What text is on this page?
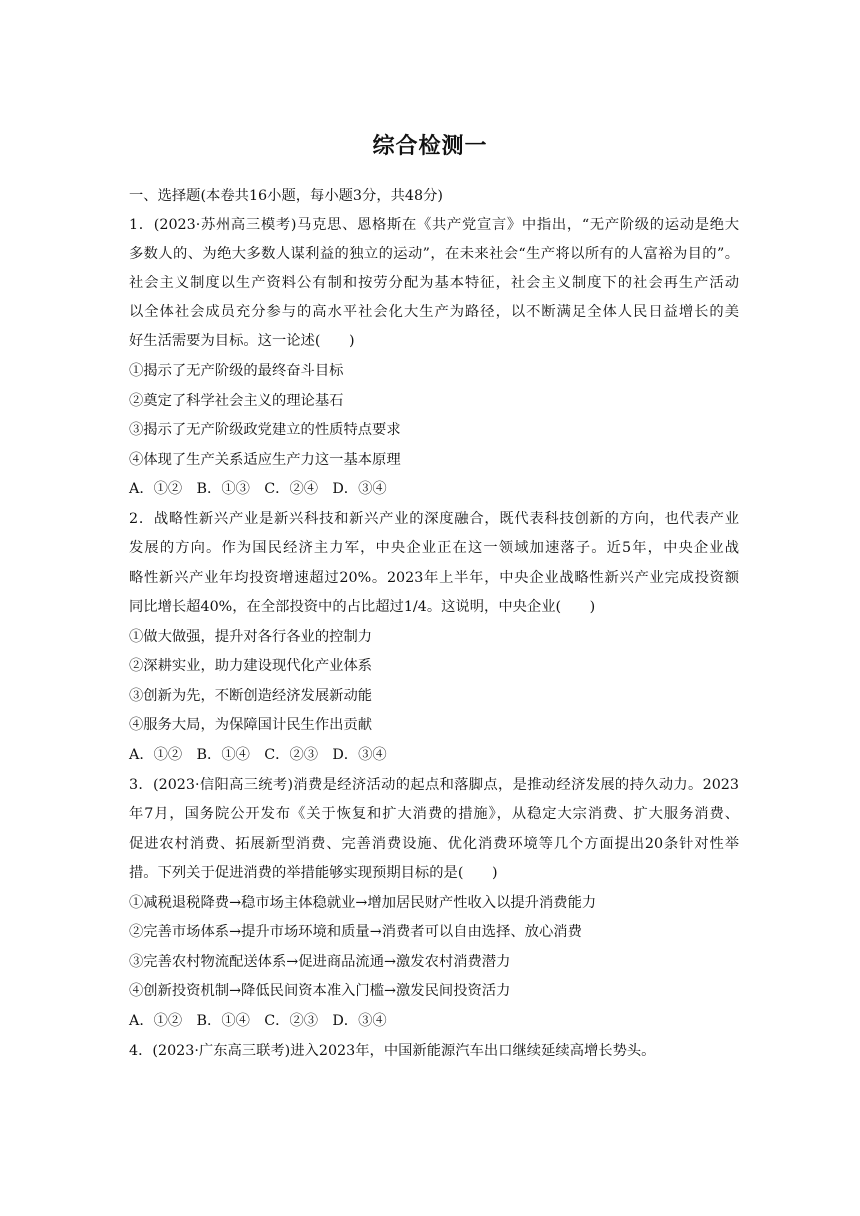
综合检测一
一、选择题(本卷共16小题，每小题3分，共48分)
1．(2023·苏州高三模考)马克思、恩格斯在《共产党宣言》中指出，“无产阶级的运动是绝大
多数人的、为绝大多数人谋利益的独立的运动”，在未来社会“生产将以所有的人富裕为目的”。
社会主义制度以生产资料公有制和按劳分配为基本特征，社会主义制度下的社会再生产活动
以全体社会成员充分参与的高水平社会化大生产为路径，以不断满足全体人民日益增长的美
好生活需要为目标。这一论述(　　)
①揭示了无产阶级的最终奋斗目标
②奠定了科学社会主义的理论基石
③揭示了无产阶级政党建立的性质特点要求
④体现了生产关系适应生产力这一基本原理
A．①②　B．①③　C．②④　D．③④
2．战略性新兴产业是新兴科技和新兴产业的深度融合，既代表科技创新的方向，也代表产业
发展的方向。作为国民经济主力军，中央企业正在这一领域加速落子。近5年，中央企业战
略性新兴产业年均投资增速超过20%。2023年上半年，中央企业战略性新兴产业完成投资额
同比增长超40%，在全部投资中的占比超过1/4。这说明，中央企业(　　)
①做大做强，提升对各行各业的控制力
②深耕实业，助力建设现代化产业体系
③创新为先，不断创造经济发展新动能
④服务大局，为保障国计民生作出贡献
A．①②　B．①④　C．②③　D．③④
3．(2023·信阳高三统考)消费是经济活动的起点和落脚点，是推动经济发展的持久动力。2023
年7月，国务院公开发布《关于恢复和扩大消费的措施》，从稳定大宗消费、扩大服务消费、
促进农村消费、拓展新型消费、完善消费设施、优化消费环境等几个方面提出20条针对性举
措。下列关于促进消费的举措能够实现预期目标的是(　　)
①减税退税降费→稳市场主体稳就业→增加居民财产性收入以提升消费能力
②完善市场体系→提升市场环境和质量→消费者可以自由选择、放心消费
③完善农村物流配送体系→促进商品流通→激发农村消费潜力
④创新投资机制→降低民间资本准入门槛→激发民间投资活力
A．①②　B．①④　C．②③　D．③④
4．(2023·广东高三联考)进入2023年，中国新能源汽车出口继续延续高增长势头。
